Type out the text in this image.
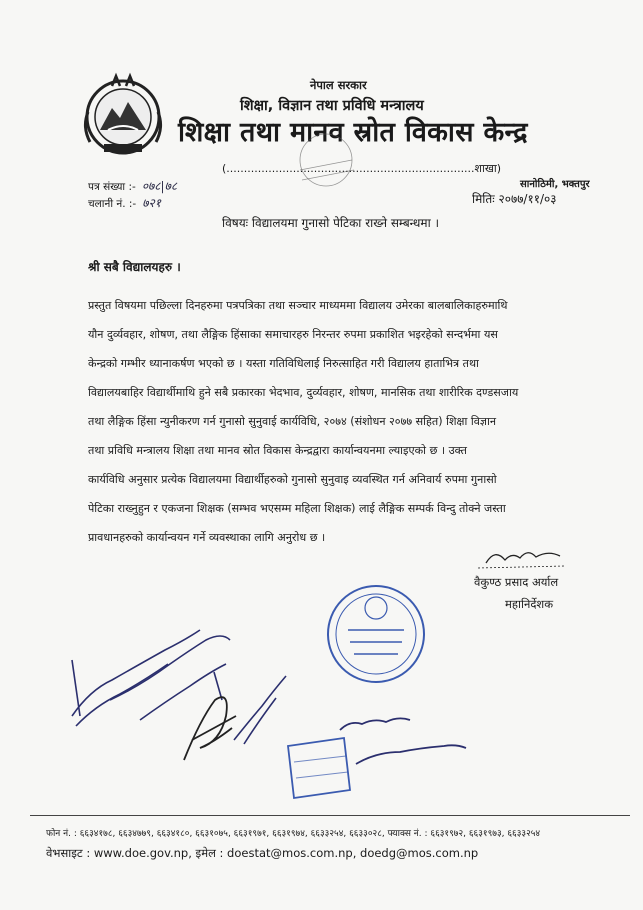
नेपाल सरकार
शिक्षा, विज्ञान तथा प्रविधि मन्त्रालय
शिक्षा तथा मानव स्रोत विकास केन्द्र
(.......................................................................शाखा)
पत्र संख्या :- ०७८|७८
चलानी नं. :- ७२१
सानोठिमी, भक्तपुर
मितिः २०७७/११/०३
विषयः विद्यालयमा गुनासो पेटिका राख्ने सम्बन्धमा ।
श्री सबै विद्यालयहरु ।
प्रस्तुत विषयमा पछिल्ला दिनहरुमा पत्रपत्रिका तथा सञ्चार माध्यममा विद्यालय उमेरका बालबालिकाहरुमाथि
यौन दुर्व्यवहार, शोषण, तथा लैङ्गिक हिंसाका समाचारहरु निरन्तर रुपमा प्रकाशित भइरहेको सन्दर्भमा यस
केन्द्रको गम्भीर ध्यानाकर्षण भएको छ । यस्ता गतिविधिलाई निरुत्साहित गरी विद्यालय हाताभित्र तथा
विद्यालयबाहिर विद्यार्थीमाथि हुने सबै प्रकारका भेदभाव, दुर्व्यवहार, शोषण, मानसिक तथा शारीरिक दण्डसजाय
तथा लैङ्गिक हिंसा न्युनीकरण गर्न गुनासो सुनुवाई कार्यविधि, २०७४ (संशोधन २०७७ सहित) शिक्षा विज्ञान
तथा प्रविधि मन्त्रालय शिक्षा तथा मानव स्रोत विकास केन्द्रद्वारा कार्यान्वयनमा ल्याइएको छ । उक्त
कार्यविधि अनुसार प्रत्येक विद्यालयमा विद्यार्थीहरुको गुनासो सुनुवाइ व्यवस्थित गर्न अनिवार्य रुपमा गुनासो
पेटिका राख्नुहुन र एकजना शिक्षक (सम्भव भएसम्म महिला शिक्षक) लाई लैङ्गिक सम्पर्क विन्दु तोक्ने जस्ता
प्रावधानहरुको कार्यान्वयन गर्ने व्यवस्थाका लागि अनुरोध छ ।
वैकुण्ठ प्रसाद अर्याल
महानिर्देशक
फोन नं. : ६६३४१७८, ६६३४७७९, ६६३४१८०, ६६३१०७५, ६६३१९७१, ६६३१९७४, ६६३३२५४, ६६३३०२८, फ्याक्स नं. : ६६३१९७२, ६६३१९७३, ६६३३२५४
वेभसाइट : www.doe.gov.np, इमेल : doestat@mos.com.np, doedg@mos.com.np
